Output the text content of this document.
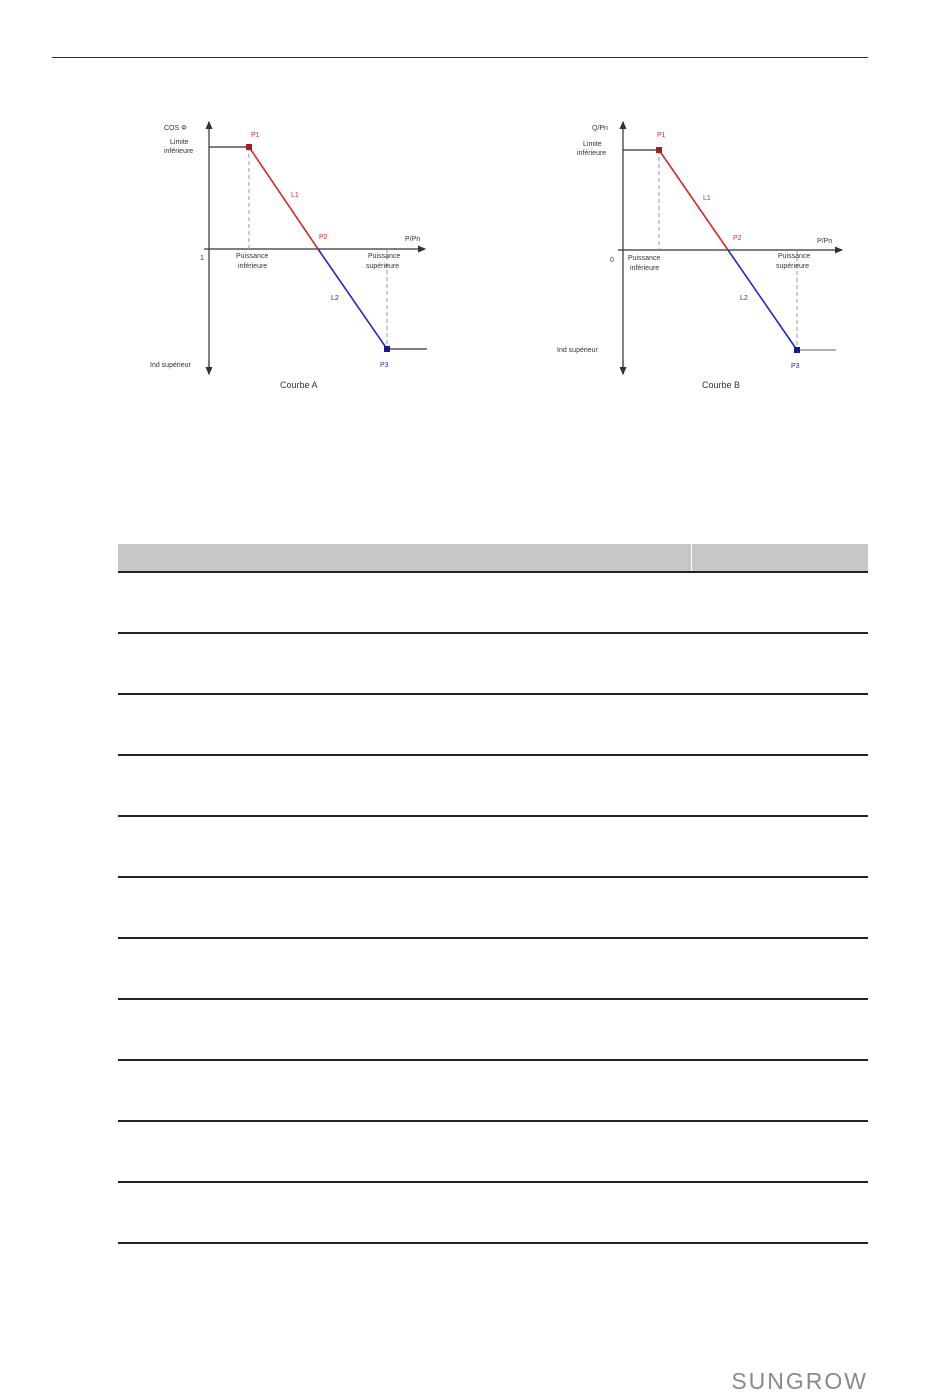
COS Φ
Limite
inférieure
1
P/Pn
Ind supérieur
Puissance
inférieure
Puissance
supérieure
P1
P2
P3
L1
L2
Courbe A
Q/Pn
Limite
inférieure
0
P/Pn
Ind supérieur
Puissance
inférieure
Puissance
supérieure
P1
P2
P3
L1
L2
Courbe B
SUNGROW
